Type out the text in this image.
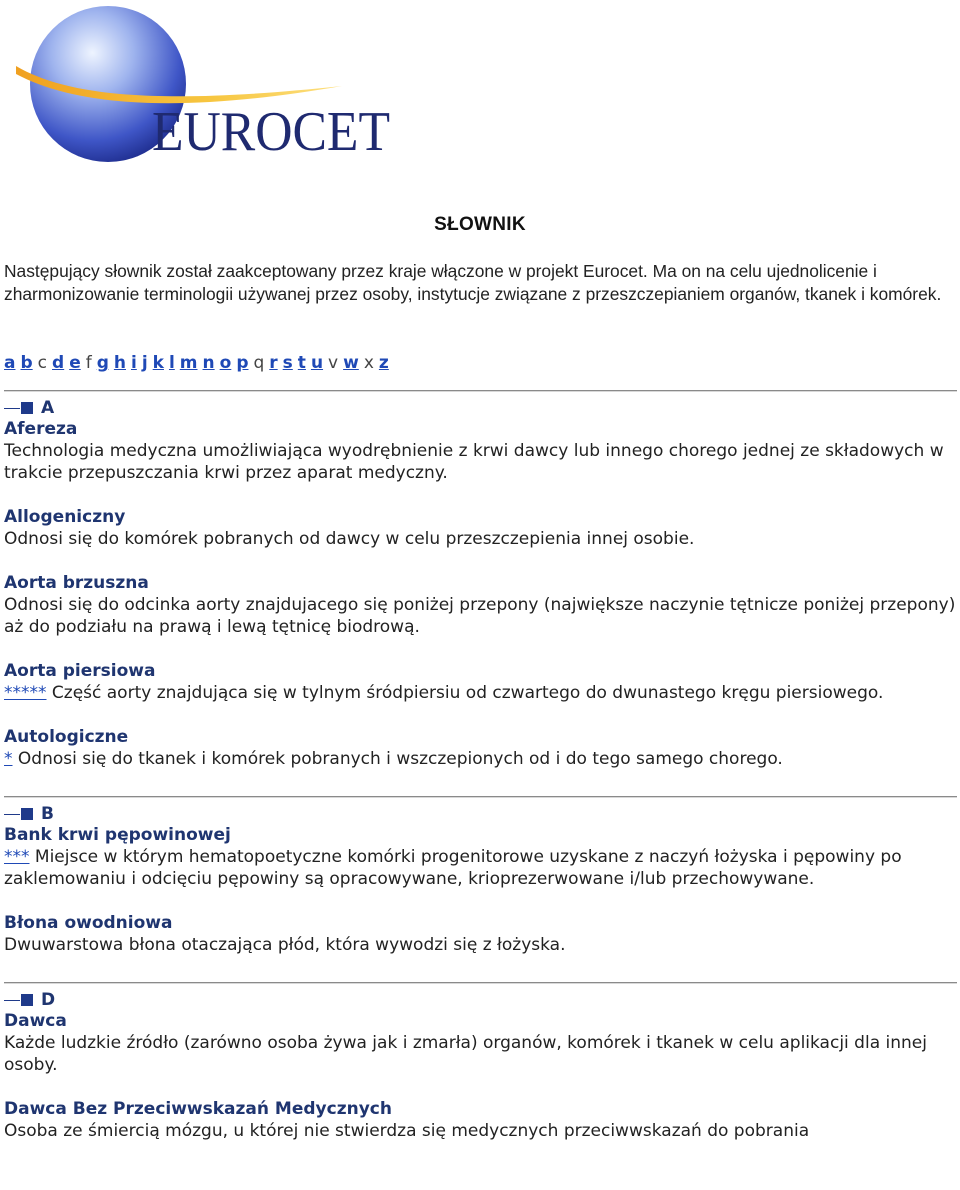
EUROCET
SŁOWNIK
Następujący słownik został zaakceptowany przez kraje włączone w projekt Eurocet. Ma on na celu ujednolicenie i zharmonizowanie terminologii używanej przez osoby, instytucje związane z przeszczepianiem organów, tkanek i komórek.
a b c d e f g h i j k l m n o p q r s t u v w x z
A
Afereza
Technologia medyczna umożliwiająca wyodrębnienie z krwi dawcy lub innego chorego jednej ze składowych w trakcie przepuszczania krwi przez aparat medyczny.
Allogeniczny
Odnosi się do komórek pobranych od dawcy w celu przeszczepienia innej osobie.
Aorta brzuszna
Odnosi się do odcinka aorty znajdujacego się poniżej przepony (największe naczynie tętnicze poniżej przepony) aż do podziału na prawą i lewą tętnicę biodrową.
Aorta piersiowa
***** Część aorty znajdująca się w tylnym śródpiersiu od czwartego do dwunastego kręgu piersiowego.
Autologiczne
* Odnosi się do tkanek i komórek pobranych i wszczepionych od i do tego samego chorego.
B
Bank krwi pępowinowej
*** Miejsce w którym hematopoetyczne komórki progenitorowe uzyskane z naczyń łożyska i pępowiny po zaklemowaniu i odcięciu pępowiny są opracowywane, krioprezerwowane i/lub przechowywane.
Błona owodniowa
Dwuwarstowa błona otaczająca płód, która wywodzi się z łożyska.
D
Dawca
Każde ludzkie źródło (zarówno osoba żywa jak i zmarła) organów, komórek i tkanek w celu aplikacji dla innej osoby.
Dawca Bez Przeciwwskazań Medycznych
Osoba ze śmiercią mózgu, u której nie stwierdza się medycznych przeciwwskazań do pobrania
